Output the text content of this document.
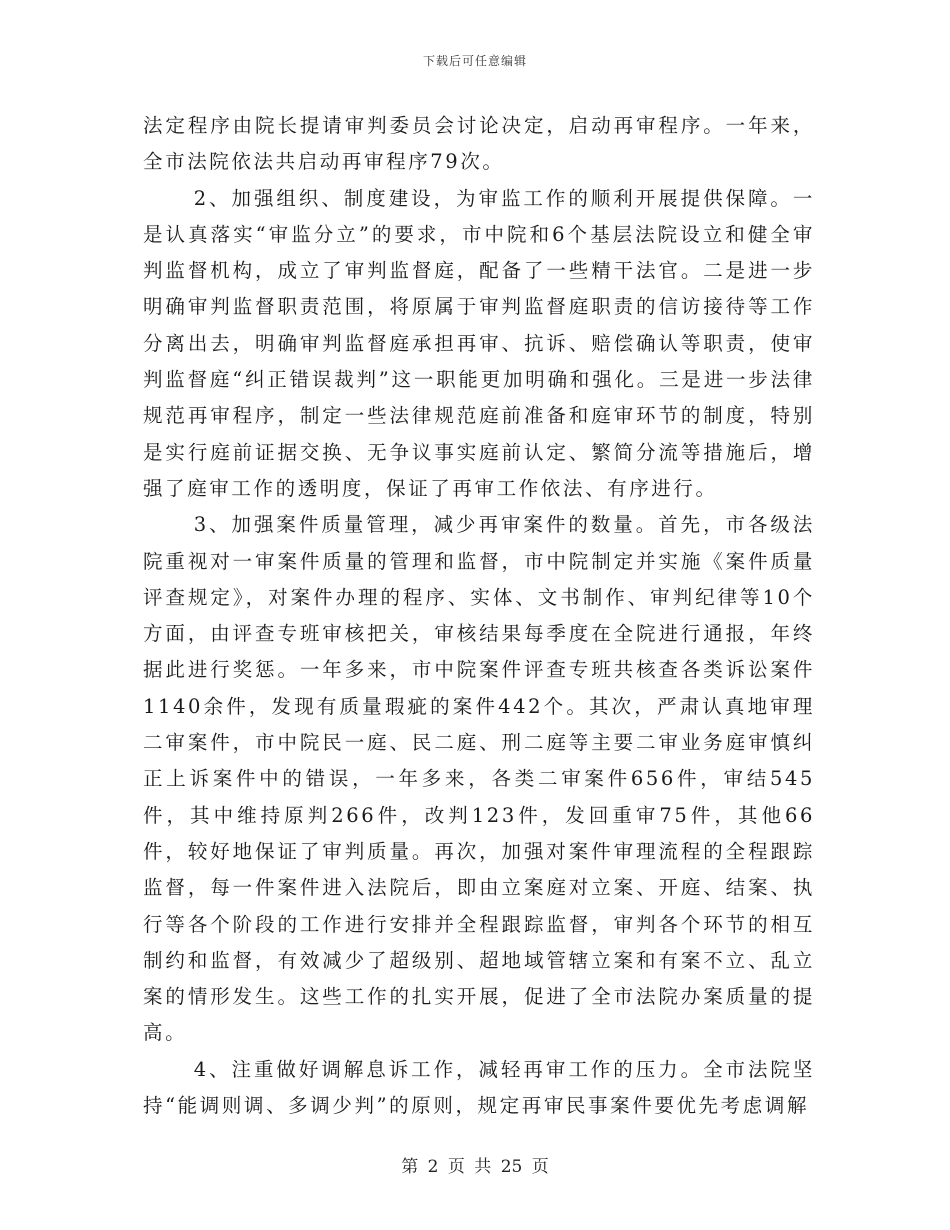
下载后可任意编辑

法定程序由院长提请审判委员会讨论决定，启动再审程序。一年来，全市法院依法共启动再审程序79次。

2、加强组织、制度建设，为审监工作的顺利开展提供保障。一是认真落实“审监分立”的要求，市中院和6个基层法院设立和健全审判监督机构，成立了审判监督庭，配备了一些精干法官。二是进一步明确审判监督职责范围，将原属于审判监督庭职责的信访接待等工作分离出去，明确审判监督庭承担再审、抗诉、赔偿确认等职责，使审判监督庭“纠正错误裁判”这一职能更加明确和强化。三是进一步法律规范再审程序，制定一些法律规范庭前准备和庭审环节的制度，特别是实行庭前证据交换、无争议事实庭前认定、繁简分流等措施后，增强了庭审工作的透明度，保证了再审工作依法、有序进行。

3、加强案件质量管理，减少再审案件的数量。首先，市各级法院重视对一审案件质量的管理和监督，市中院制定并实施《案件质量评查规定》，对案件办理的程序、实体、文书制作、审判纪律等10个方面，由评查专班审核把关，审核结果每季度在全院进行通报，年终据此进行奖惩。一年多来，市中院案件评查专班共核查各类诉讼案件1140余件，发现有质量瑕疵的案件442个。其次，严肃认真地审理二审案件，市中院民一庭、民二庭、刑二庭等主要二审业务庭审慎纠正上诉案件中的错误，一年多来，各类二审案件656件，审结545件，其中维持原判266件，改判123件，发回重审75件，其他66件，较好地保证了审判质量。再次，加强对案件审理流程的全程跟踪监督，每一件案件进入法院后，即由立案庭对立案、开庭、结案、执行等各个阶段的工作进行安排并全程跟踪监督，审判各个环节的相互制约和监督，有效减少了超级别、超地域管辖立案和有案不立、乱立案的情形发生。这些工作的扎实开展，促进了全市法院办案质量的提高。

4、注重做好调解息诉工作，减轻再审工作的压力。全市法院坚持“能调则调、多调少判”的原则，规定再审民事案件要优先考虑调解

第 2 页 共 25 页
